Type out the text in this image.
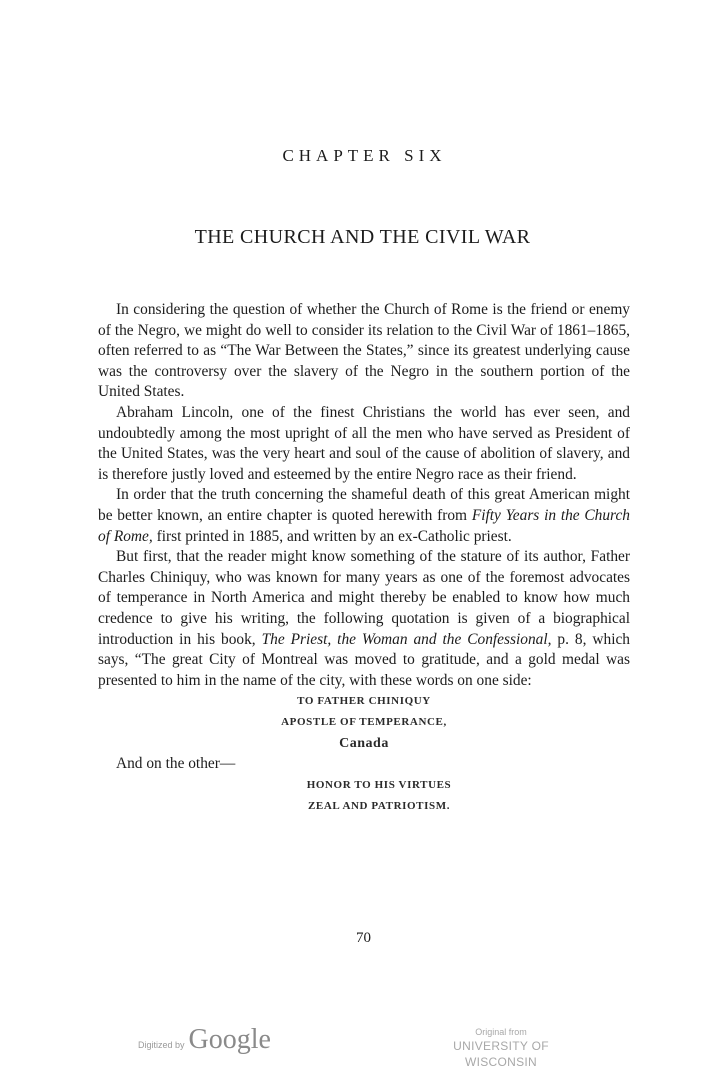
CHAPTER SIX
THE CHURCH AND THE CIVIL WAR

In considering the question of whether the Church of Rome is the friend or enemy of the Negro, we might do well to consider its relation to the Civil War of 1861–1865, often referred to as “The War Between the States,” since its greatest underlying cause was the controversy over the slavery of the Negro in the southern portion of the United States.

Abraham Lincoln, one of the finest Christians the world has ever seen, and undoubtedly among the most upright of all the men who have served as President of the United States, was the very heart and soul of the cause of abolition of slavery, and is therefore justly loved and esteemed by the entire Negro race as their friend.

In order that the truth concerning the shameful death of this great American might be better known, an entire chapter is quoted herewith from Fifty Years in the Church of Rome, first printed in 1885, and written by an ex-Catholic priest.

But first, that the reader might know something of the stature of its author, Father Charles Chiniquy, who was known for many years as one of the foremost advocates of temperance in North America and might thereby be enabled to know how much credence to give his writing, the following quotation is given of a biographical introduction in his book, The Priest, the Woman and the Confessional, p. 8, which says, “The great City of Montreal was moved to gratitude, and a gold medal was presented to him in the name of the city, with these words on one side:

TO FATHER CHINIQUY
APOSTLE OF TEMPERANCE,
Canada

And on the other—

HONOR TO HIS VIRTUES
ZEAL AND PATRIOTISM.
70
Digitized by Google	Original from
UNIVERSITY OF WISCONSIN
